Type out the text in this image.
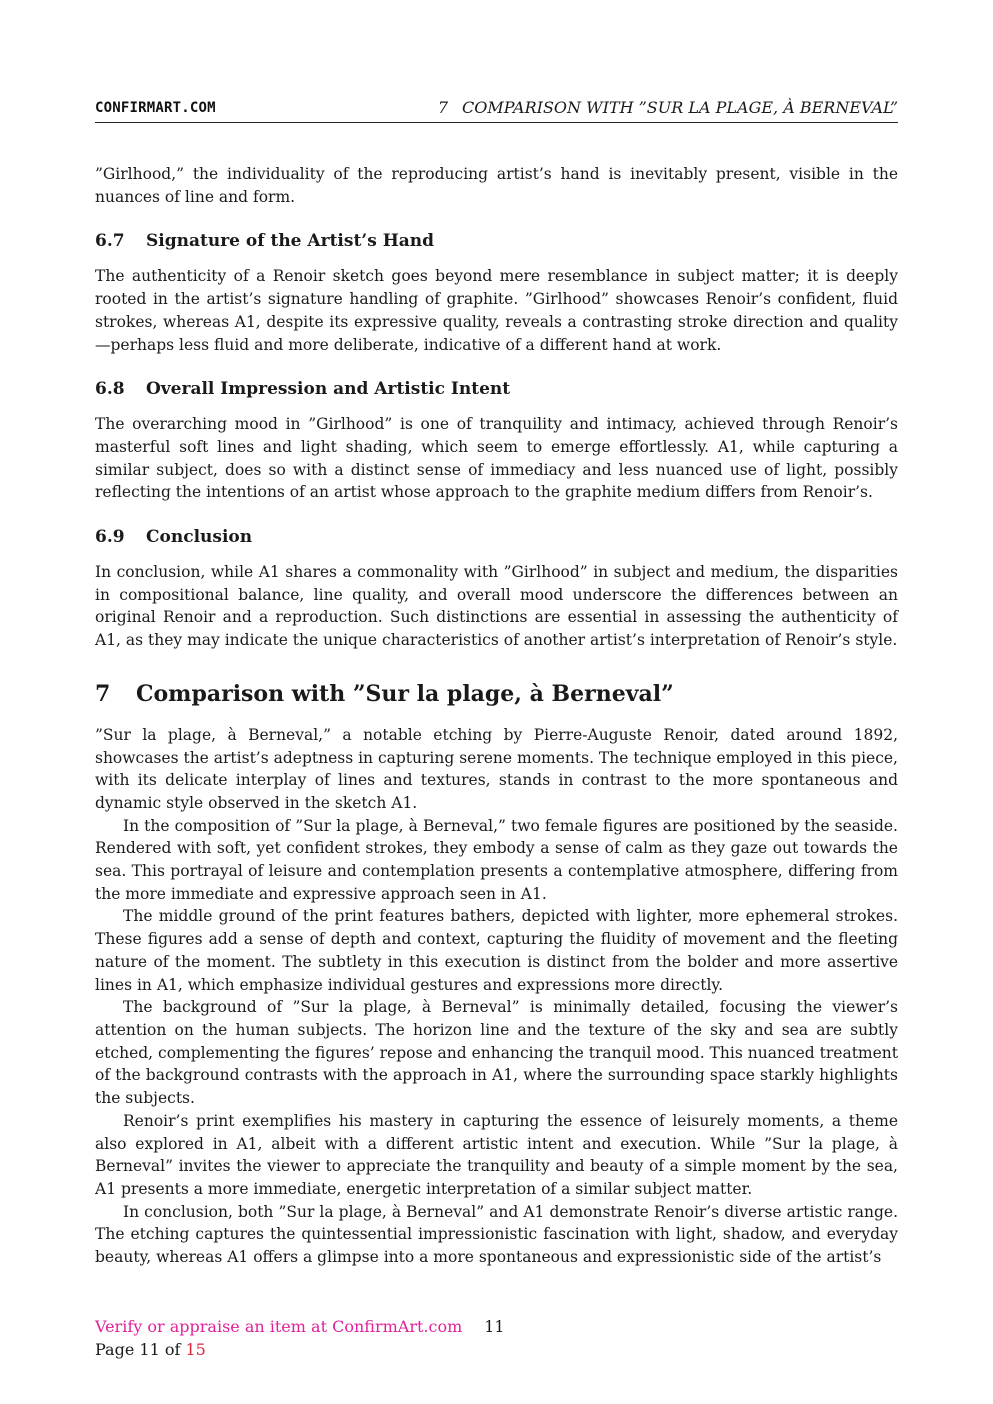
CONFIRMART.COM	7 COMPARISON WITH ”SUR LA PLAGE, À BERNEVAL”

”Girlhood,” the individuality of the reproducing artist’s hand is inevitably present, visible in the nuances of line and form.

6.7 Signature of the Artist’s Hand

The authenticity of a Renoir sketch goes beyond mere resemblance in subject matter; it is deeply rooted in the artist’s signature handling of graphite. ”Girlhood” showcases Renoir’s confident, fluid strokes, whereas A1, despite its expressive quality, reveals a contrasting stroke direction and quality—perhaps less fluid and more deliberate, indicative of a different hand at work.

6.8 Overall Impression and Artistic Intent

The overarching mood in ”Girlhood” is one of tranquility and intimacy, achieved through Renoir’s masterful soft lines and light shading, which seem to emerge effortlessly. A1, while capturing a similar subject, does so with a distinct sense of immediacy and less nuanced use of light, possibly reflecting the intentions of an artist whose approach to the graphite medium differs from Renoir’s.

6.9 Conclusion

In conclusion, while A1 shares a commonality with ”Girlhood” in subject and medium, the disparities in compositional balance, line quality, and overall mood underscore the differences between an original Renoir and a reproduction. Such distinctions are essential in assessing the authenticity of A1, as they may indicate the unique characteristics of another artist’s interpretation of Renoir’s style.

7 Comparison with ”Sur la plage, à Berneval”

”Sur la plage, à Berneval,” a notable etching by Pierre-Auguste Renoir, dated around 1892, showcases the artist’s adeptness in capturing serene moments. The technique employed in this piece, with its delicate interplay of lines and textures, stands in contrast to the more spontaneous and dynamic style observed in the sketch A1.

In the composition of ”Sur la plage, à Berneval,” two female figures are positioned by the seaside. Rendered with soft, yet confident strokes, they embody a sense of calm as they gaze out towards the sea. This portrayal of leisure and contemplation presents a contemplative atmosphere, differing from the more immediate and expressive approach seen in A1.

The middle ground of the print features bathers, depicted with lighter, more ephemeral strokes. These figures add a sense of depth and context, capturing the fluidity of movement and the fleeting nature of the moment. The subtlety in this execution is distinct from the bolder and more assertive lines in A1, which emphasize individual gestures and expressions more directly.

The background of ”Sur la plage, à Berneval” is minimally detailed, focusing the viewer’s attention on the human subjects. The horizon line and the texture of the sky and sea are subtly etched, complementing the figures’ repose and enhancing the tranquil mood. This nuanced treatment of the background contrasts with the approach in A1, where the surrounding space starkly highlights the subjects.

Renoir’s print exemplifies his mastery in capturing the essence of leisurely moments, a theme also explored in A1, albeit with a different artistic intent and execution. While ”Sur la plage, à Berneval” invites the viewer to appreciate the tranquility and beauty of a simple moment by the sea, A1 presents a more immediate, energetic interpretation of a similar subject matter.

In conclusion, both ”Sur la plage, à Berneval” and A1 demonstrate Renoir’s diverse artistic range. The etching captures the quintessential impressionistic fascination with light, shadow, and everyday beauty, whereas A1 offers a glimpse into a more spontaneous and expressionistic side of the artist’s

Verify or appraise an item at ConfirmArt.com 11
Page 11 of 15
